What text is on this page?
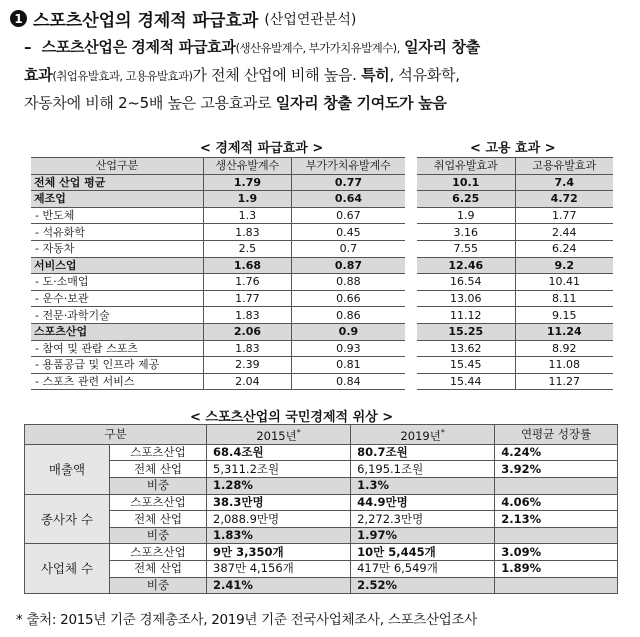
1 스포츠산업의 경제적 파급효과 (산업연관분석)
– 스포츠산업은 경제적 파급효과(생산유발계수, 부가가치유발계수), 일자리 창출
효과(취업유발효과, 고용유발효과)가 전체 산업에 비해 높음. 특히, 석유화학,
자동차에 비해 2~5배 높은 고용효과로 일자리 창출 기여도가 높음
< 경제적 파급효과 >	< 고용 효과 >
산업구분	생산유발계수	부가가치유발계수
전체 산업 평균	1.79	0.77
제조업	1.9	0.64
- 반도체	1.3	0.67
- 석유화학	1.83	0.45
- 자동차	2.5	0.7
서비스업	1.68	0.87
- 도·소매업	1.76	0.88
- 운수·보관	1.77	0.66
- 전문·과학기술	1.83	0.86
스포츠산업	2.06	0.9
- 참여 및 관람 스포츠	1.83	0.93
- 용품공급 및 인프라 제공	2.39	0.81
- 스포츠 관련 서비스	2.04	0.84
취업유발효과	고용유발효과
10.1	7.4
6.25	4.72
1.9	1.77
3.16	2.44
7.55	6.24
12.46	9.2
16.54	10.41
13.06	8.11
11.12	9.15
15.25	11.24
13.62	8.92
15.45	11.08
15.44	11.27
< 스포츠산업의 국민경제적 위상 >
구분		2015년*	2019년*	연평균 성장률
매출액	스포츠산업	68.4조원	80.7조원	4.24%
	전체 산업	5,311.2조원	6,195.1조원	3.92%
	비중	1.28%	1.3%	
종사자 수	스포츠산업	38.3만명	44.9만명	4.06%
	전체 산업	2,088.9만명	2,272.3만명	2.13%
	비중	1.83%	1.97%	
사업체 수	스포츠산업	9만 3,350개	10만 5,445개	3.09%
	전체 산업	387만 4,156개	417만 6,549개	1.89%
	비중	2.41%	2.52%	
* 출처: 2015년 기준 경제총조사, 2019년 기준 전국사업체조사, 스포츠산업조사
